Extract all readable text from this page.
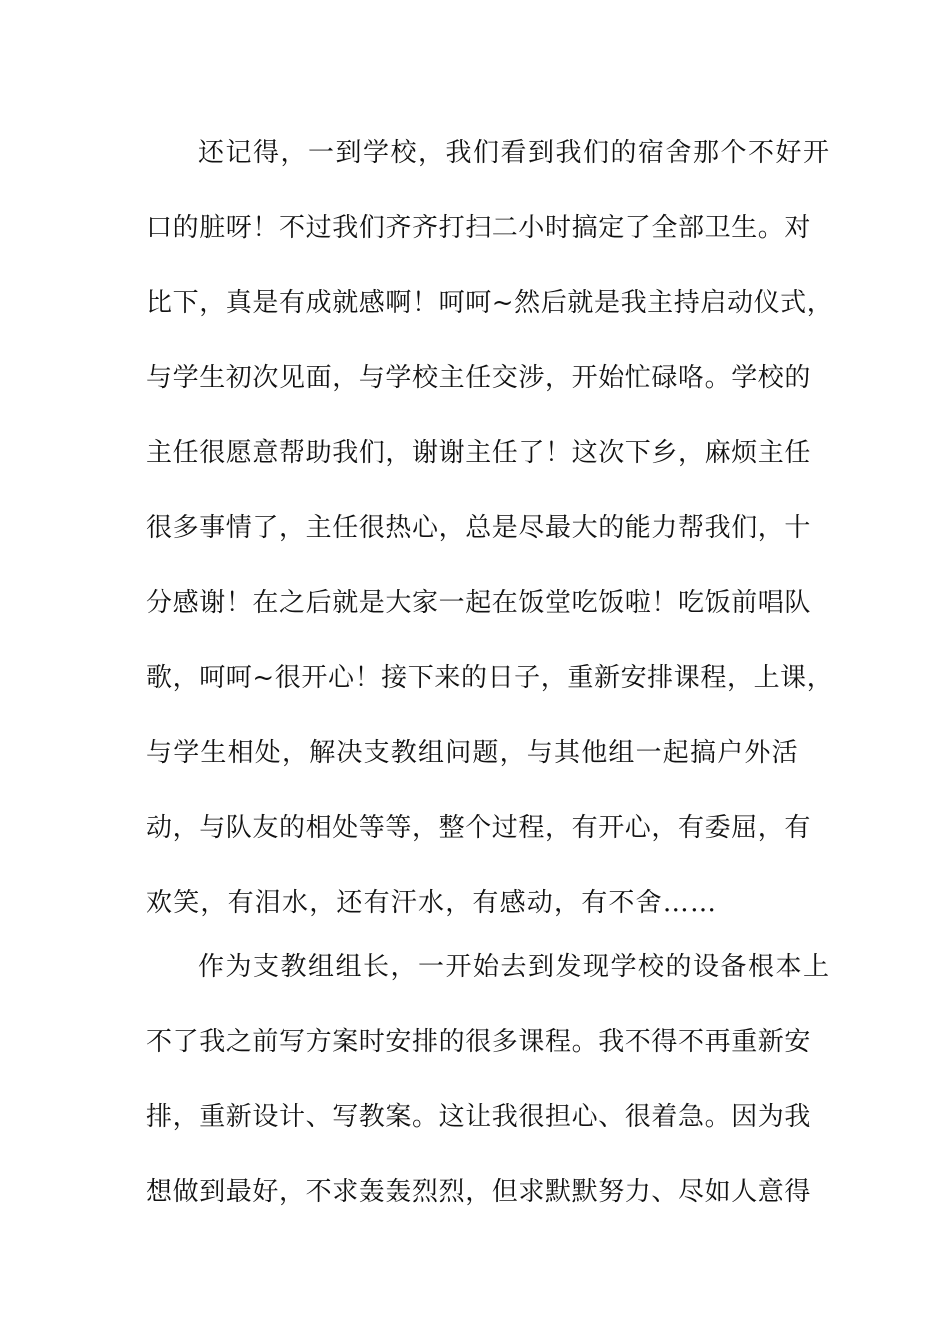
还记得，一到学校，我们看到我们的宿舍那个不好开

口的脏呀！不过我们齐齐打扫二小时搞定了全部卫生。对

比下，真是有成就感啊！呵呵~然后就是我主持启动仪式，

与学生初次见面，与学校主任交涉，开始忙碌咯。学校的

主任很愿意帮助我们，谢谢主任了！这次下乡，麻烦主任

很多事情了，主任很热心，总是尽最大的能力帮我们，十

分感谢！在之后就是大家一起在饭堂吃饭啦！吃饭前唱队

歌，呵呵~很开心！接下来的日子，重新安排课程，上课，

与学生相处，解决支教组问题，与其他组一起搞户外活

动，与队友的相处等等，整个过程，有开心，有委屈，有

欢笑，有泪水，还有汗水，有感动，有不舍……

作为支教组组长，一开始去到发现学校的设备根本上

不了我之前写方案时安排的很多课程。我不得不再重新安

排，重新设计、写教案。这让我很担心、很着急。因为我

想做到最好，不求轰轰烈烈，但求默默努力、尽如人意得
